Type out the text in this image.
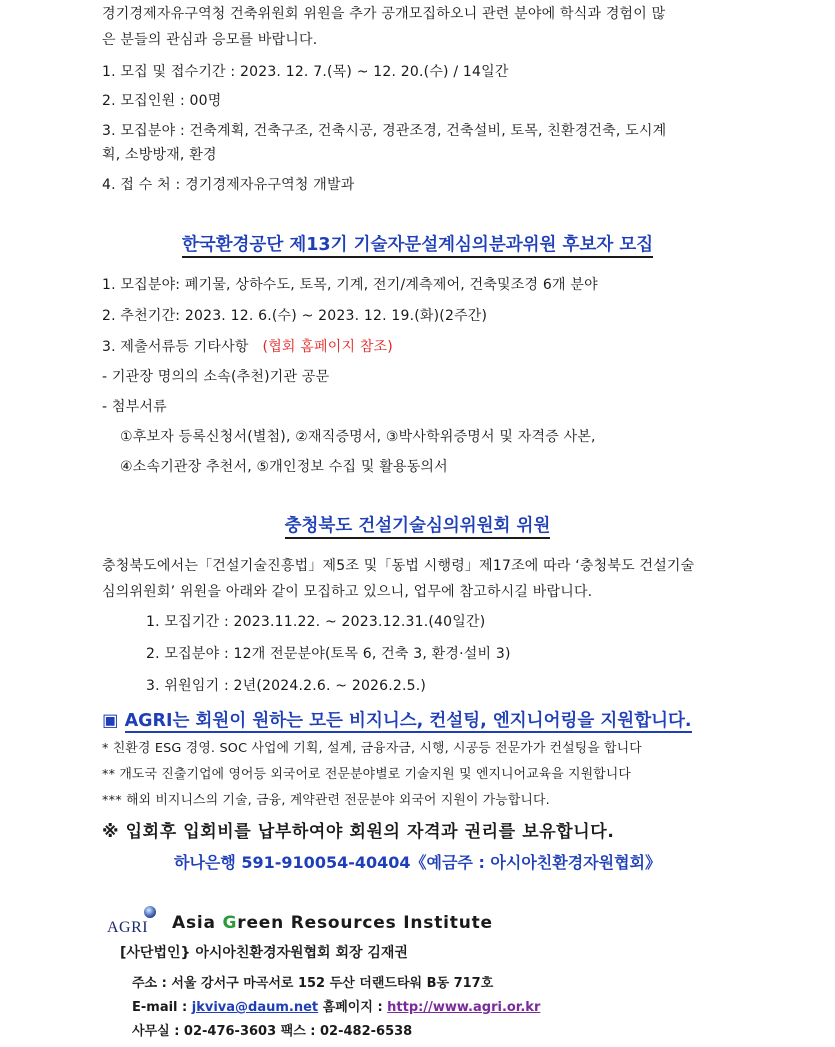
경기경제자유구역청 건축위원회 위원을 추가 공개모집하오니 관련 분야에 학식과 경험이 많
은 분들의 관심과 응모를 바랍니다.
1. 모집 및 접수기간 : 2023. 12. 7.(목) ~ 12. 20.(수) / 14일간
2. 모집인원 : 00명
3. 모집분야 : 건축계획, 건축구조, 건축시공, 경관조경, 건축설비, 토목, 친환경건축, 도시계
획, 소방방재, 환경
4. 접 수 처 : 경기경제자유구역청 개발과
한국환경공단 제13기 기술자문설계심의분과위원 후보자 모집
1. 모집분야: 폐기물, 상하수도, 토목, 기계, 전기/계측제어, 건축및조경 6개 분야
2. 추천기간: 2023. 12. 6.(수) ~ 2023. 12. 19.(화)(2주간)
3. 제출서류등 기타사항 (협회 홈페이지 참조)
- 기관장 명의의 소속(추천)기관 공문
- 첨부서류
①후보자 등록신청서(별첨), ②재직증명서, ③박사학위증명서 및 자격증 사본,
④소속기관장 추천서, ⑤개인정보 수집 및 활용동의서
충청북도 건설기술심의위원회 위원
충청북도에서는「건설기술진흥법」제5조 및「동법 시행령」제17조에 따라 ‘충청북도 건설기술
심의위원회’ 위원을 아래와 같이 모집하고 있으니, 업무에 참고하시길 바랍니다.
1. 모집기간 : 2023.11.22. ~ 2023.12.31.(40일간)
2. 모집분야 : 12개 전문분야(토목 6, 건축 3, 환경·설비 3)
3. 위원임기 : 2년(2024.2.6. ~ 2026.2.5.)
▣ AGRI는 회원이 원하는 모든 비지니스, 컨설팅, 엔지니어링을 지원합니다.
* 친환경 ESG 경영. SOC 사업에 기획, 설계, 금융자금, 시행, 시공등 전문가가 컨설팅을 합니다
** 개도국 진출기업에 영어등 외국어로 전문분야별로 기술지원 및 엔지니어교육을 지원합니다
*** 해외 비지니스의 기술, 금융, 계약관련 전문분야 외국어 지원이 가능합니다.
※ 입회후 입회비를 납부하여야 회원의 자격과 권리를 보유합니다.
하나은행 591-910054-40404《예금주 : 아시아친환경자원협회》
AGRI Asia Green Resources Institute
[사단법인} 아시아친환경자원협회 회장 김재권
주소 : 서울 강서구 마곡서로 152 두산 더랜드타워 B동 717호
E-mail : jkviva@daum.net 홈페이지 : http://www.agri.or.kr
사무실 : 02-476-3603 팩스 : 02-482-6538
